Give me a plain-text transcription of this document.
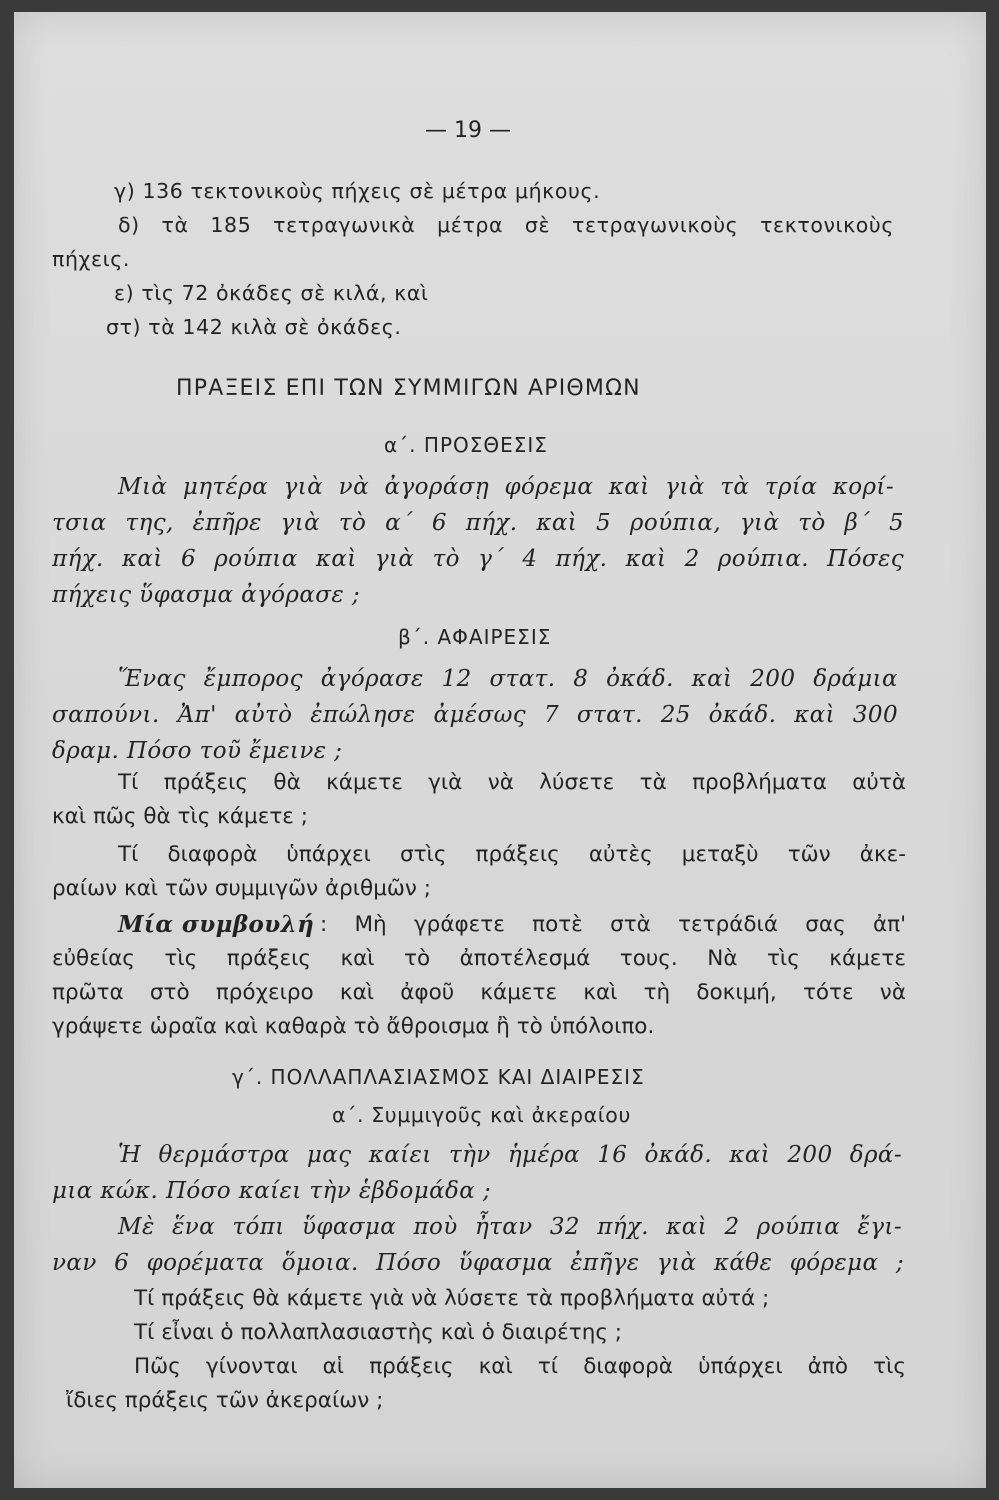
— 19 —
γ) 136 τεκτονικοὺς πήχεις σὲ μέτρα μήκους.
δ) τὰ 185 τετραγωνικὰ μέτρα σὲ τετραγωνικοὺς τεκτονικοὺς
πήχεις.
ε) τὶς 72 ὀκάδες σὲ κιλά, καὶ
στ) τὰ 142 κιλὰ σὲ ὀκάδες.
ΠΡΑΞΕΙΣ ΕΠΙ ΤΩΝ ΣΥΜΜΙΓΩΝ ΑΡΙΘΜΩΝ
α΄. ΠΡΟΣΘΕΣΙΣ
Μιὰ μητέρα γιὰ νὰ ἀγοράσῃ φόρεμα καὶ γιὰ τὰ τρία κορί-
τσια της, ἐπῆρε γιὰ τὸ α΄ 6 πήχ. καὶ 5 ρούπια, γιὰ τὸ β΄ 5
πήχ. καὶ 6 ρούπια καὶ γιὰ τὸ γ΄ 4 πήχ. καὶ 2 ρούπια. Πόσες
πήχεις ὕφασμα ἀγόρασε ;
β΄. ΑΦΑΙΡΕΣΙΣ
Ἕνας ἔμπορος ἀγόρασε 12 στατ. 8 ὀκάδ. καὶ 200 δράμια
σαπούνι. Ἀπ' αὐτὸ ἐπώλησε ἀμέσως 7 στατ. 25 ὀκάδ. καὶ 300
δραμ. Πόσο τοῦ ἔμεινε ;
Τί πράξεις θὰ κάμετε γιὰ νὰ λύσετε τὰ προβλήματα αὐτὰ
καὶ πῶς θὰ τὶς κάμετε ;
Τί διαφορὰ ὑπάρχει στὶς πράξεις αὐτὲς μεταξὺ τῶν ἀκε-
ραίων καὶ τῶν συμμιγῶν ἀριθμῶν ;
Μία συμβουλή : Μὴ γράφετε ποτὲ στὰ τετράδιά σας ἀπ'
εὐθείας τὶς πράξεις καὶ τὸ ἀποτέλεσμά τους. Νὰ τὶς κάμετε
πρῶτα στὸ πρόχειρο καὶ ἀφοῦ κάμετε καὶ τὴ δοκιμή, τότε νὰ
γράψετε ὡραῖα καὶ καθαρὰ τὸ ἄθροισμα ἢ τὸ ὑπόλοιπο.
γ΄. ΠΟΛΛΑΠΛΑΣΙΑΣΜΟΣ ΚΑΙ ΔΙΑΙΡΕΣΙΣ
α΄. Συμμιγοῦς καὶ ἀκεραίου
Ἡ θερμάστρα μας καίει τὴν ἡμέρα 16 ὀκάδ. καὶ 200 δρά-
μια κώκ. Πόσο καίει τὴν ἑβδομάδα ;
Μὲ ἕνα τόπι ὕφασμα ποὺ ἦταν 32 πήχ. καὶ 2 ρούπια ἔγι-
ναν 6 φορέματα ὅμοια. Πόσο ὕφασμα ἐπῆγε γιὰ κάθε φόρεμα ;
Τί πράξεις θὰ κάμετε γιὰ νὰ λύσετε τὰ προβλήματα αὐτά ;
Τί εἶναι ὁ πολλαπλασιαστὴς καὶ ὁ διαιρέτης ;
Πῶς γίνονται αἱ πράξεις καὶ τί διαφορὰ ὑπάρχει ἀπὸ τὶς
ἴδιες πράξεις τῶν ἀκεραίων ;
